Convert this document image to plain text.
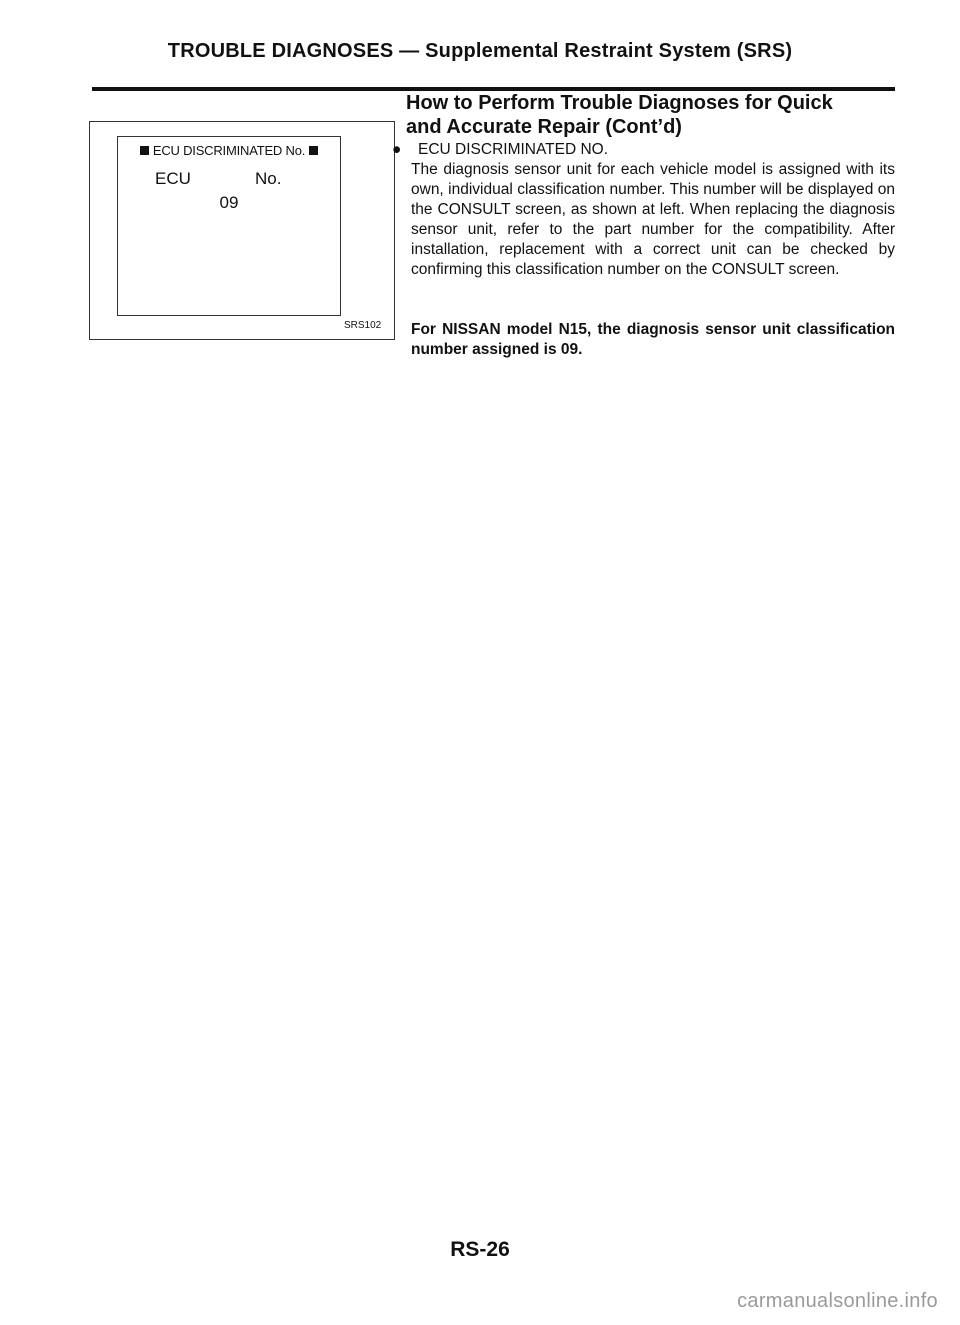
TROUBLE DIAGNOSES — Supplemental Restraint System (SRS)
ECU DISCRIMINATED No.
ECU	No.
09
SRS102
How to Perform Trouble Diagnoses for Quick
and Accurate Repair (Cont’d)
● ECU DISCRIMINATED NO.
The diagnosis sensor unit for each vehicle model is assigned with its own, individual classification number. This number will be displayed on the CONSULT screen, as shown at left. When replacing the diagnosis sensor unit, refer to the part number for the compatibility. After installation, replacement with a correct unit can be checked by confirming this classification number on the CONSULT screen.
For NISSAN model N15, the diagnosis sensor unit classification number assigned is 09.
RS-26
carmanualsonline.info
